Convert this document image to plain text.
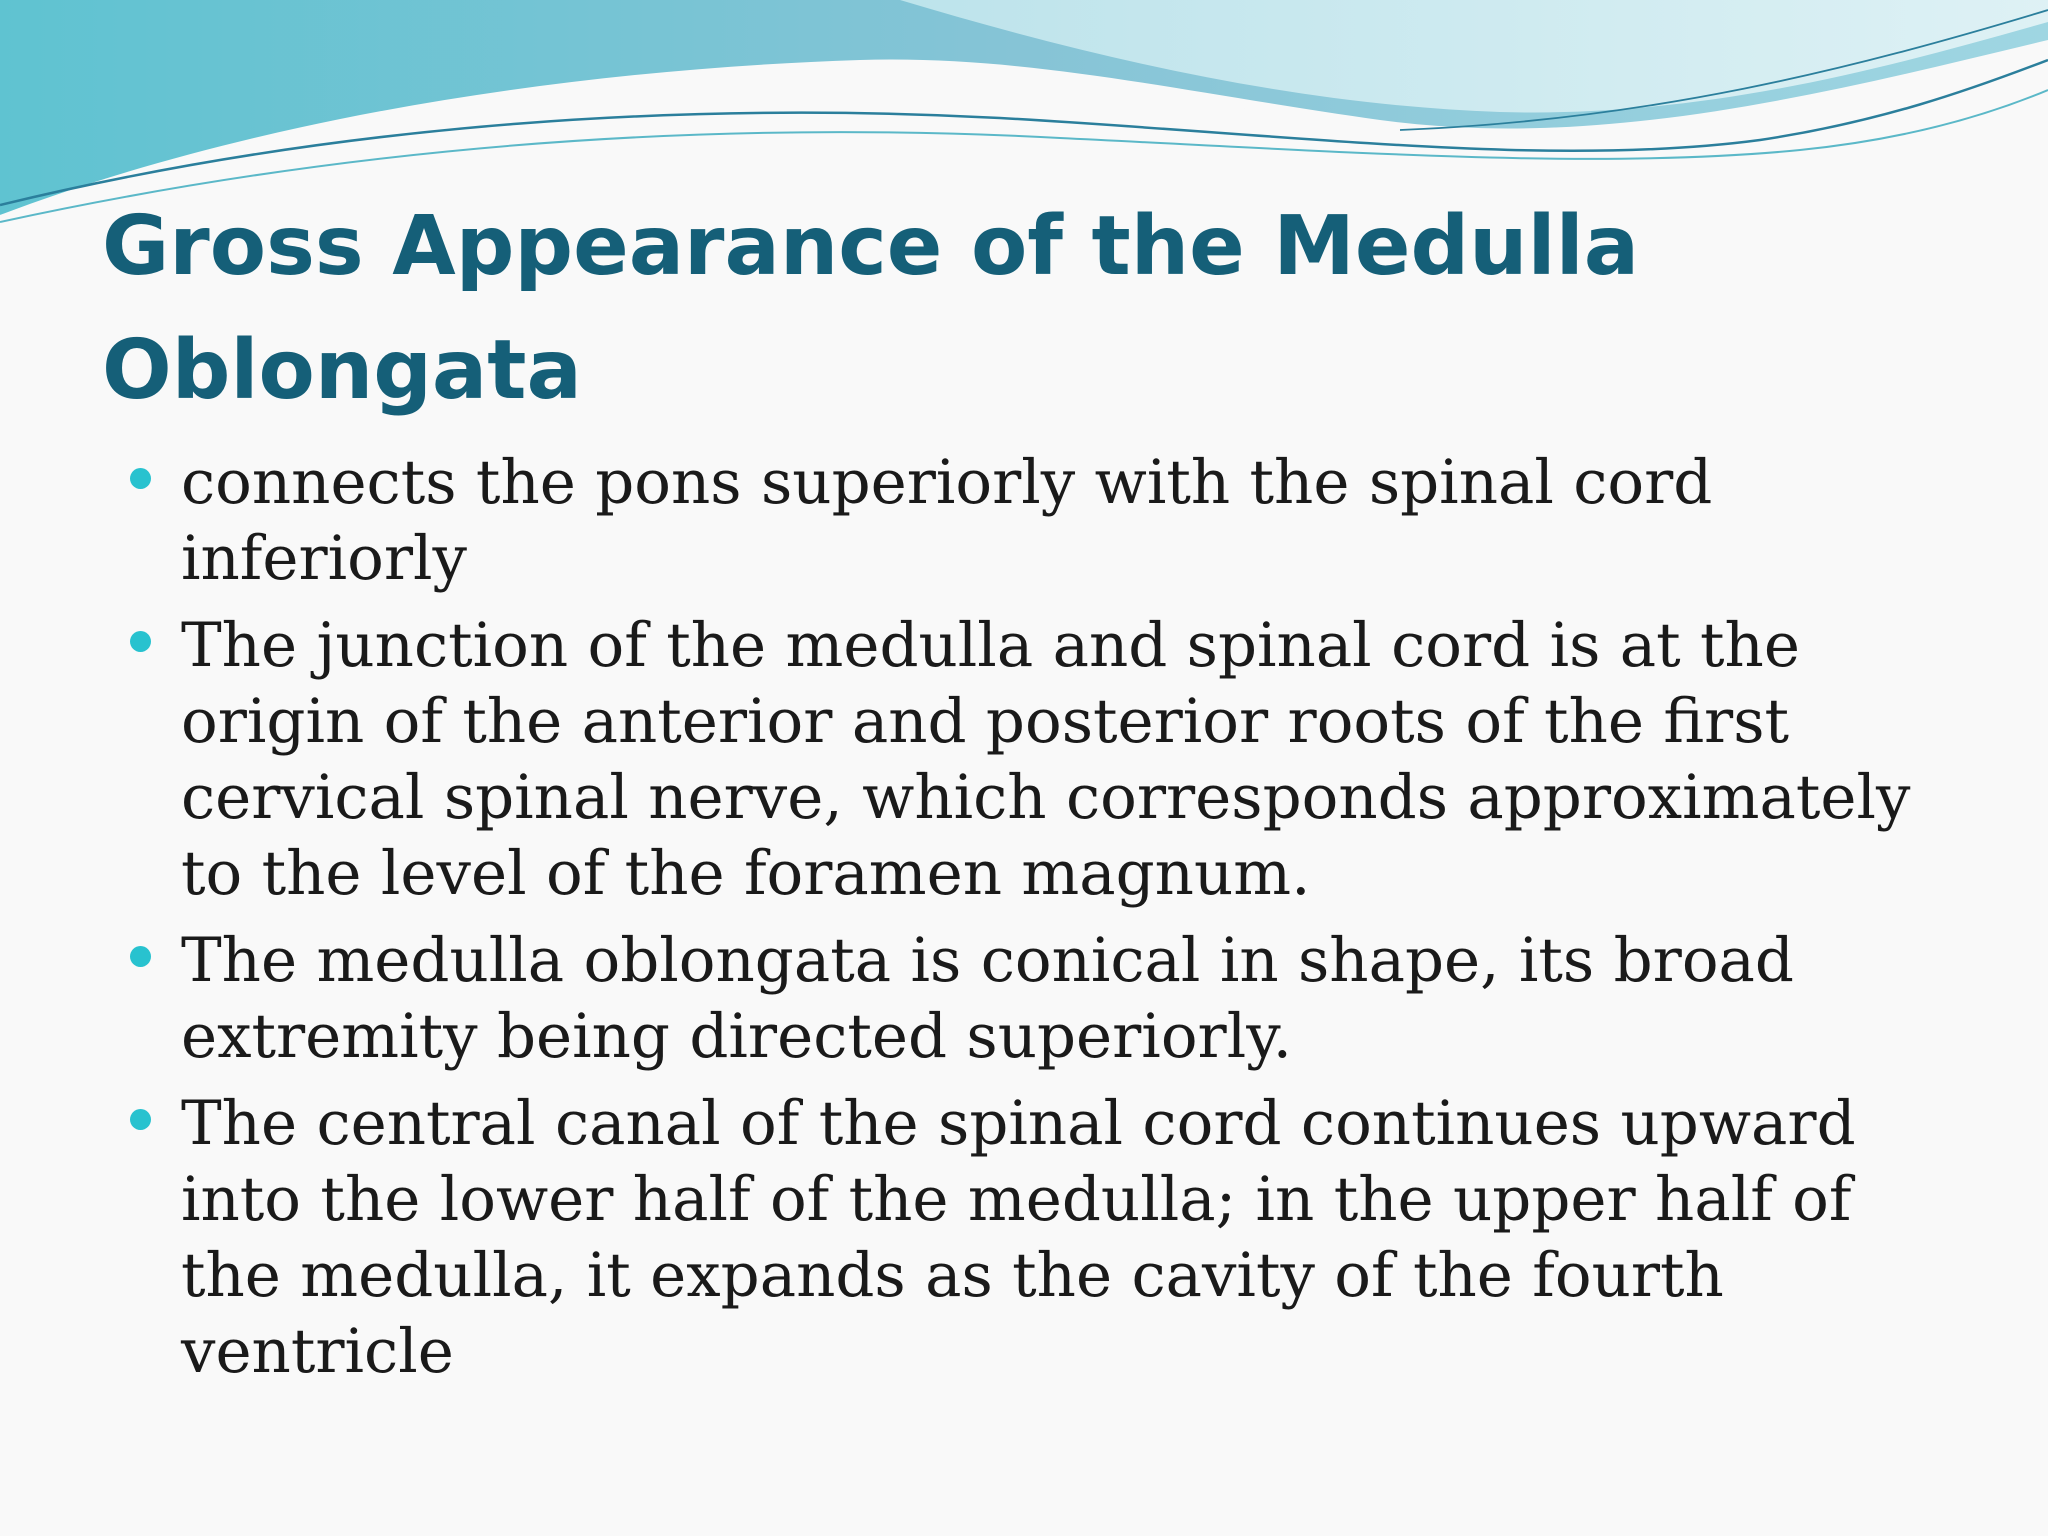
Gross Appearance of the Medulla Oblongata
connects the pons superiorly with the spinal cord inferiorly
The junction of the medulla and spinal cord is at the origin of the anterior and posterior roots of the first cervical spinal nerve, which corresponds approximately to the level of the foramen magnum.
The medulla oblongata is conical in shape, its broad extremity being directed superiorly.
The central canal of the spinal cord continues upward into the lower half of the medulla; in the upper half of the medulla, it expands as the cavity of the fourth ventricle
